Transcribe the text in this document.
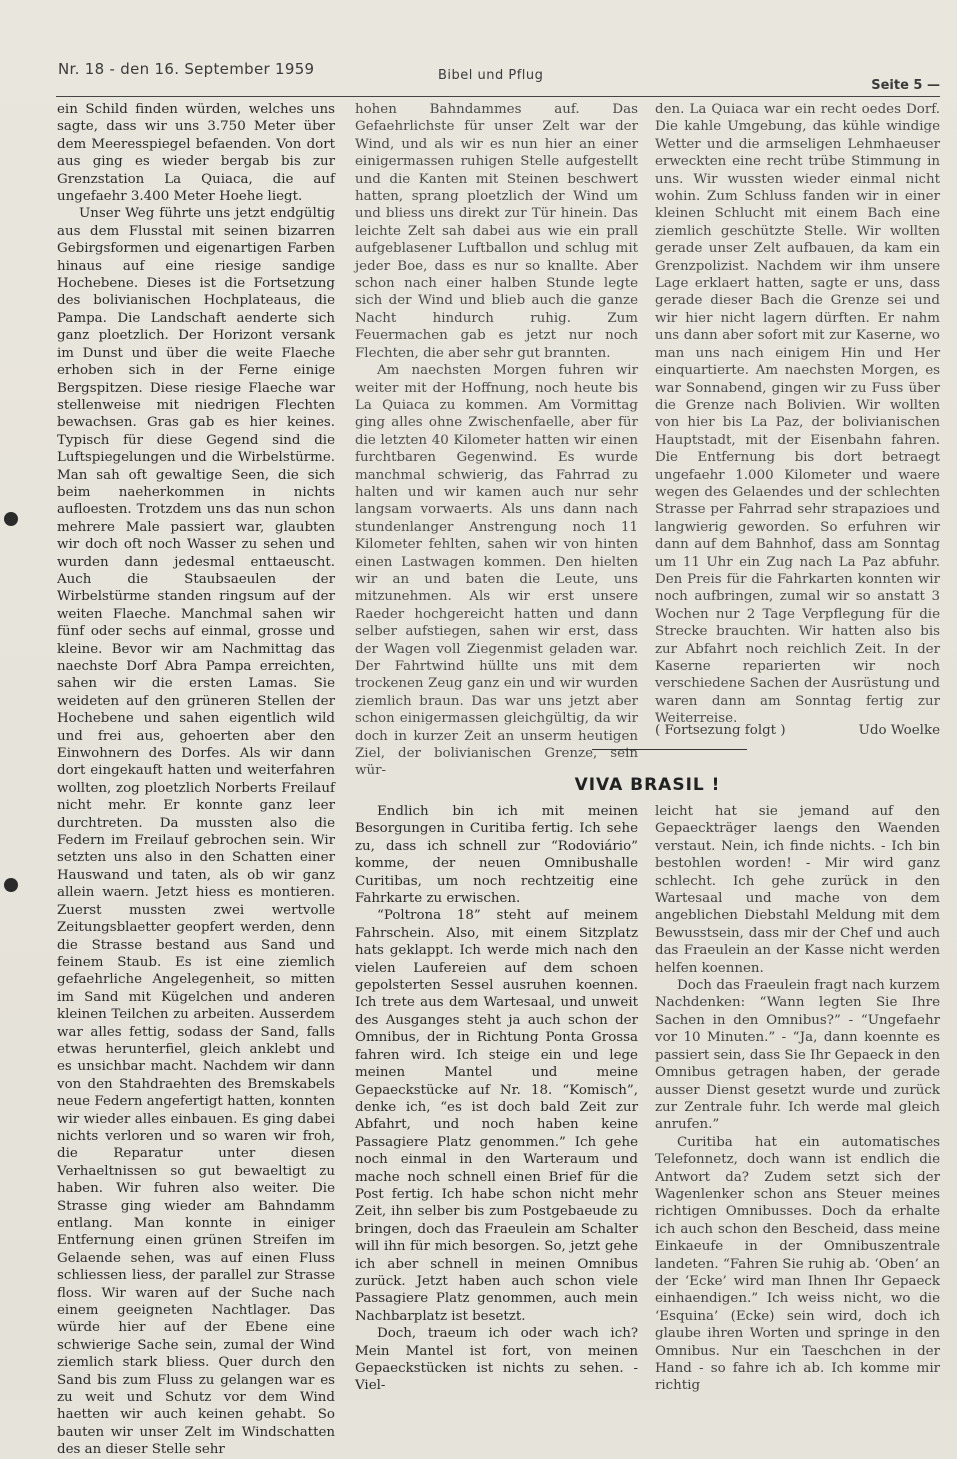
Nr. 18 - den 16. September 1959	Bibel und Pflug
Seite 5 —

ein Schild finden würden, welches uns sagte, dass wir uns 3.750 Meter über dem Meeresspiegel befaenden. Von dort aus ging es wieder bergab bis zur Grenzstation La Quiaca, die auf ungefaehr 3.400 Meter Hoehe liegt.

Unser Weg führte uns jetzt endgültig aus dem Flusstal mit seinen bizarren Gebirgsformen und eigenartigen Farben hinaus auf eine riesige sandige Hochebene. Dieses ist die Fortsetzung des bolivianischen Hochplateaus, die Pampa. Die Landschaft aenderte sich ganz ploetzlich. Der Horizont versank im Dunst und über die weite Flaeche erhoben sich in der Ferne einige Bergspitzen. Diese riesige Flaeche war stellenweise mit niedrigen Flechten bewachsen. Gras gab es hier keines. Typisch für diese Gegend sind die Luftspiegelungen und die Wirbelstürme. Man sah oft gewaltige Seen, die sich beim naeherkommen in nichts aufloesten. Trotzdem uns das nun schon mehrere Male passiert war, glaubten wir doch oft noch Wasser zu sehen und wurden dann jedesmal enttaeuscht. Auch die Staubsaeulen der Wirbelstürme standen ringsum auf der weiten Flaeche. Manchmal sahen wir fünf oder sechs auf einmal, grosse und kleine. Bevor wir am Nachmittag das naechste Dorf Abra Pampa erreichten, sahen wir die ersten Lamas. Sie weideten auf den grüneren Stellen der Hochebene und sahen eigentlich wild und frei aus, gehoerten aber den Einwohnern des Dorfes. Als wir dann dort eingekauft hatten und weiterfahren wollten, zog ploetzlich Norberts Freilauf nicht mehr. Er konnte ganz leer durchtreten. Da mussten also die Federn im Freilauf gebrochen sein. Wir setzten uns also in den Schatten einer Hauswand und taten, als ob wir ganz allein waern. Jetzt hiess es montieren. Zuerst mussten zwei wertvolle Zeitungsblaetter geopfert werden, denn die Strasse bestand aus Sand und feinem Staub. Es ist eine ziemlich gefaehrliche Angelegenheit, so mitten im Sand mit Kügelchen und anderen kleinen Teilchen zu arbeiten. Ausserdem war alles fettig, sodass der Sand, falls etwas herunterfiel, gleich anklebt und es unsichbar macht. Nachdem wir dann von den Stahdraehten des Bremskabels neue Federn angefertigt hatten, konnten wir wieder alles einbauen. Es ging dabei nichts verloren und so waren wir froh, die Reparatur unter diesen Verhaeltnissen so gut bewaeltigt zu haben. Wir fuhren also weiter. Die Strasse ging wieder am Bahndamm entlang. Man konnte in einiger Entfernung einen grünen Streifen im Gelaende sehen, was auf einen Fluss schliessen liess, der parallel zur Strasse floss. Wir waren auf der Suche nach einem geeigneten Nachtlager. Das würde hier auf der Ebene eine schwierige Sache sein, zumal der Wind ziemlich stark bliess. Quer durch den Sand bis zum Fluss zu gelangen war es zu weit und Schutz vor dem Wind haetten wir auch keinen gehabt. So bauten wir unser Zelt im Windschatten des an dieser Stelle sehr

hohen Bahndammes auf. Das Gefaehrlichste für unser Zelt war der Wind, und als wir es nun hier an einer einigermassen ruhigen Stelle aufgestellt und die Kanten mit Steinen beschwert hatten, sprang ploetzlich der Wind um und bliess uns direkt zur Tür hinein. Das leichte Zelt sah dabei aus wie ein prall aufgeblasener Luftballon und schlug mit jeder Boe, dass es nur so knallte. Aber schon nach einer halben Stunde legte sich der Wind und blieb auch die ganze Nacht hindurch ruhig. Zum Feuermachen gab es jetzt nur noch Flechten, die aber sehr gut brannten.

Am naechsten Morgen fuhren wir weiter mit der Hoffnung, noch heute bis La Quiaca zu kommen. Am Vormittag ging alles ohne Zwischenfaelle, aber für die letzten 40 Kilometer hatten wir einen furchtbaren Gegenwind. Es wurde manchmal schwierig, das Fahrrad zu halten und wir kamen auch nur sehr langsam vorwaerts. Als uns dann nach stundenlanger Anstrengung noch 11 Kilometer fehlten, sahen wir von hinten einen Lastwagen kommen. Den hielten wir an und baten die Leute, uns mitzunehmen. Als wir erst unsere Raeder hochgereicht hatten und dann selber aufstiegen, sahen wir erst, dass der Wagen voll Ziegenmist geladen war. Der Fahrtwind hüllte uns mit dem trockenen Zeug ganz ein und wir wurden ziemlich braun. Das war uns jetzt aber schon einigermassen gleichgültig, da wir doch in kurzer Zeit an unserm heutigen Ziel, der bolivianischen Grenze, sein wür-

den. La Quiaca war ein recht oedes Dorf. Die kahle Umgebung, das kühle windige Wetter und die armseligen Lehmhaeuser erweckten eine recht trübe Stimmung in uns. Wir wussten wieder einmal nicht wohin. Zum Schluss fanden wir in einer kleinen Schlucht mit einem Bach eine ziemlich geschützte Stelle. Wir wollten gerade unser Zelt aufbauen, da kam ein Grenzpolizist. Nachdem wir ihm unsere Lage erklaert hatten, sagte er uns, dass gerade dieser Bach die Grenze sei und wir hier nicht lagern dürften. Er nahm uns dann aber sofort mit zur Kaserne, wo man uns nach einigem Hin und Her einquartierte. Am naechsten Morgen, es war Sonnabend, gingen wir zu Fuss über die Grenze nach Bolivien. Wir wollten von hier bis La Paz, der bolivianischen Hauptstadt, mit der Eisenbahn fahren. Die Entfernung bis dort betraegt ungefaehr 1.000 Kilometer und waere wegen des Gelaendes und der schlechten Strasse per Fahrrad sehr strapazioes und langwierig geworden. So erfuhren wir dann auf dem Bahnhof, dass am Sonntag um 11 Uhr ein Zug nach La Paz abfuhr. Den Preis für die Fahrkarten konnten wir noch aufbringen, zumal wir so anstatt 3 Wochen nur 2 Tage Verpflegung für die Strecke brauchten. Wir hatten also bis zur Abfahrt noch reichlich Zeit. In der Kaserne reparierten wir noch verschiedene Sachen der Ausrüstung und waren dann am Sonntag fertig zur Weiterreise.

( Fortsezung folgt )	Udo Woelke
VIVA BRASIL !

Endlich bin ich mit meinen Besorgungen in Curitiba fertig. Ich sehe zu, dass ich schnell zur “Rodoviário” komme, der neuen Omnibushalle Curitibas, um noch rechtzeitig eine Fahrkarte zu erwischen.

“Poltrona 18” steht auf meinem Fahrschein. Also, mit einem Sitzplatz hats geklappt. Ich werde mich nach den vielen Laufereien auf dem schoen gepolsterten Sessel ausruhen koennen. Ich trete aus dem Wartesaal, und unweit des Ausganges steht ja auch schon der Omnibus, der in Richtung Ponta Grossa fahren wird. Ich steige ein und lege meinen Mantel und meine Gepaeckstücke auf Nr. 18. “Komisch”, denke ich, “es ist doch bald Zeit zur Abfahrt, und noch haben keine Passagiere Platz genommen.” Ich gehe noch einmal in den Warteraum und mache noch schnell einen Brief für die Post fertig. Ich habe schon nicht mehr Zeit, ihn selber bis zum Postgebaeude zu bringen, doch das Fraeulein am Schalter will ihn für mich besorgen. So, jetzt gehe ich aber schnell in meinen Omnibus zurück. Jetzt haben auch schon viele Passagiere Platz genommen, auch mein Nachbarplatz ist besetzt.

Doch, traeum ich oder wach ich? Mein Mantel ist fort, von meinen Gepaeckstücken ist nichts zu sehen. - Viel-

leicht hat sie jemand auf den Gepaeckträger laengs den Waenden verstaut. Nein, ich finde nichts. - Ich bin bestohlen worden! - Mir wird ganz schlecht. Ich gehe zurück in den Wartesaal und mache von dem angeblichen Diebstahl Meldung mit dem Bewusstsein, dass mir der Chef und auch das Fraeulein an der Kasse nicht werden helfen koennen.

Doch das Fraeulein fragt nach kurzem Nachdenken: “Wann legten Sie Ihre Sachen in den Omnibus?” - “Ungefaehr vor 10 Minuten.” - “Ja, dann koennte es passiert sein, dass Sie Ihr Gepaeck in den Omnibus getragen haben, der gerade ausser Dienst gesetzt wurde und zurück zur Zentrale fuhr. Ich werde mal gleich anrufen.”

Curitiba hat ein automatisches Telefonnetz, doch wann ist endlich die Antwort da? Zudem setzt sich der Wagenlenker schon ans Steuer meines richtigen Omnibusses. Doch da erhalte ich auch schon den Bescheid, dass meine Einkaeufe in der Omnibuszentrale landeten. “Fahren Sie ruhig ab. ‘Oben’ an der ‘Ecke’ wird man Ihnen Ihr Gepaeck einhaendigen.” Ich weiss nicht, wo die ‘Esquina’ (Ecke) sein wird, doch ich glaube ihren Worten und springe in den Omnibus. Nur ein Taeschchen in der Hand - so fahre ich ab. Ich komme mir richtig
